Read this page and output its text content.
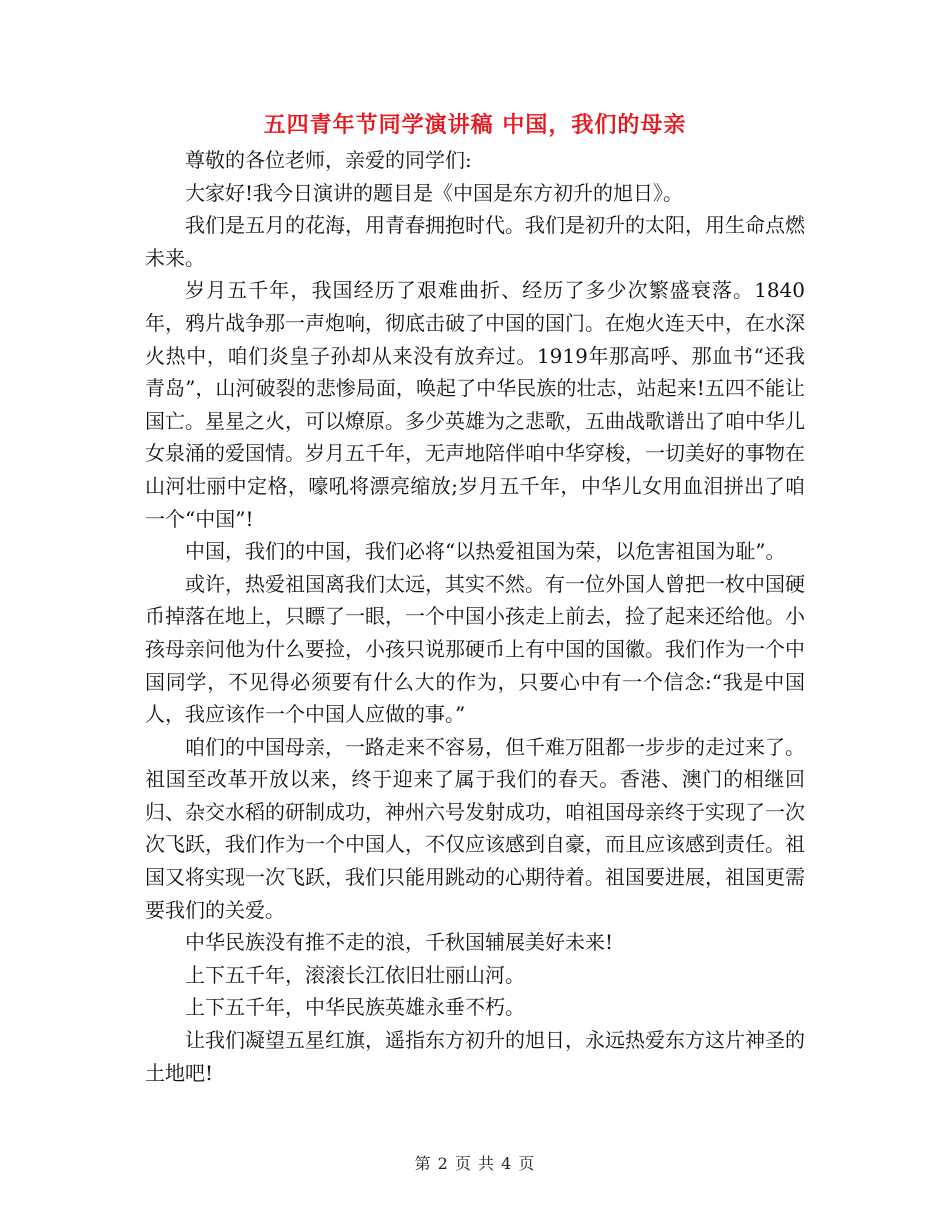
五四青年节同学演讲稿 中国，我们的母亲

尊敬的各位老师，亲爱的同学们:

大家好!我今日演讲的题目是《中国是东方初升的旭日》。

我们是五月的花海，用青春拥抱时代。我们是初升的太阳，用生命点燃未来。

岁月五千年，我国经历了艰难曲折、经历了多少次繁盛衰落。1840年，鸦片战争那一声炮响，彻底击破了中国的国门。在炮火连天中，在水深火热中，咱们炎皇子孙却从来没有放弃过。1919年那高呼、那血书“还我青岛”，山河破裂的悲惨局面，唤起了中华民族的壮志，站起来!五四不能让国亡。星星之火，可以燎原。多少英雄为之悲歌，五曲战歌谱出了咱中华儿女泉涌的爱国情。岁月五千年，无声地陪伴咱中华穿梭，一切美好的事物在山河壮丽中定格，嚎吼将漂亮缩放;岁月五千年，中华儿女用血泪拼出了咱一个“中国”!

中国，我们的中国，我们必将“以热爱祖国为荣，以危害祖国为耻”。

或许，热爱祖国离我们太远，其实不然。有一位外国人曾把一枚中国硬币掉落在地上，只瞟了一眼，一个中国小孩走上前去，捡了起来还给他。小孩母亲问他为什么要捡，小孩只说那硬币上有中国的国徽。我们作为一个中国同学，不见得必须要有什么大的作为，只要心中有一个信念:“我是中国人，我应该作一个中国人应做的事。”

咱们的中国母亲，一路走来不容易，但千难万阻都一步步的走过来了。祖国至改革开放以来，终于迎来了属于我们的春天。香港、澳门的相继回归、杂交水稻的研制成功，神州六号发射成功，咱祖国母亲终于实现了一次次飞跃，我们作为一个中国人，不仅应该感到自豪，而且应该感到责任。祖国又将实现一次飞跃，我们只能用跳动的心期待着。祖国要进展，祖国更需要我们的关爱。

中华民族没有推不走的浪，千秋国辅展美好未来!

上下五千年，滚滚长江依旧壮丽山河。

上下五千年，中华民族英雄永垂不朽。

让我们凝望五星红旗，遥指东方初升的旭日，永远热爱东方这片神圣的土地吧!

第 2 页 共 4 页
